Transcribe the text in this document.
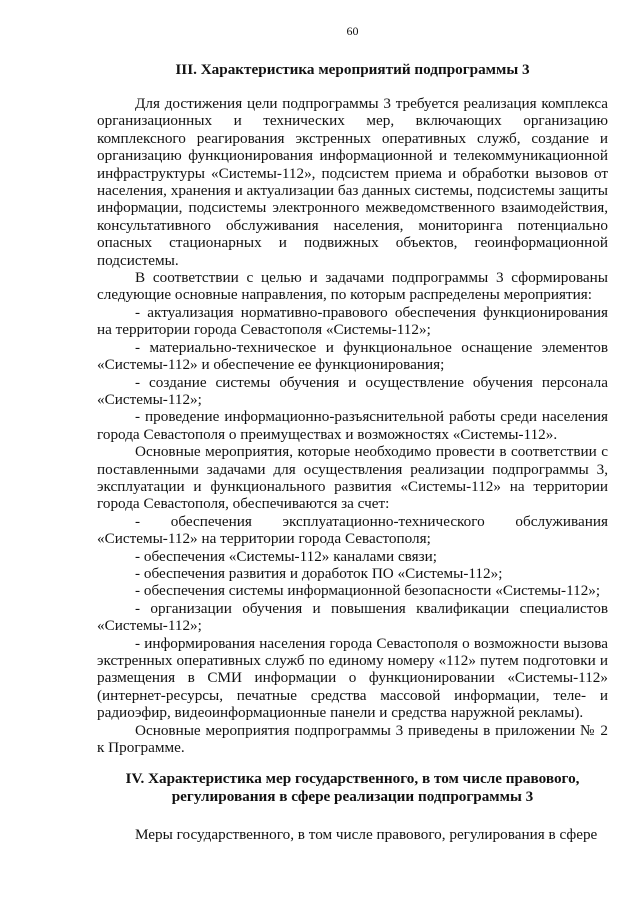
60
III. Характеристика мероприятий подпрограммы 3

Для достижения цели подпрограммы 3 требуется реализация комплекса организационных и технических мер, включающих организацию комплексного реагирования экстренных оперативных служб, создание и организацию функционирования информационной и телекоммуникационной инфраструктуры «Системы-112», подсистем приема и обработки вызовов от населения, хранения и актуализации баз данных системы, подсистемы защиты информации, подсистемы электронного межведомственного взаимодействия, консультативного обслуживания населения, мониторинга потенциально опасных стационарных и подвижных объектов, геоинформационной подсистемы.

В соответствии с целью и задачами подпрограммы 3 сформированы следующие основные направления, по которым распределены мероприятия:

- актуализация нормативно-правового обеспечения функционирования на территории города Севастополя «Системы-112»;

- материально-техническое и функциональное оснащение элементов «Системы-112» и обеспечение ее функционирования;

- создание системы обучения и осуществление обучения персонала «Системы-112»;

- проведение информационно-разъяснительной работы среди населения города Севастополя о преимуществах и возможностях «Системы-112».

Основные мероприятия, которые необходимо провести в соответствии с поставленными задачами для осуществления реализации подпрограммы 3, эксплуатации и функционального развития «Системы-112» на территории города Севастополя, обеспечиваются за счет:

- обеспечения эксплуатационно-технического обслуживания «Системы-112» на территории города Севастополя;

- обеспечения «Системы-112» каналами связи;

- обеспечения развития и доработок ПО «Системы-112»;

- обеспечения системы информационной безопасности «Системы-112»;

- организации обучения и повышения квалификации специалистов «Системы-112»;

- информирования населения города Севастополя о возможности вызова экстренных оперативных служб по единому номеру «112» путем подготовки и размещения в СМИ информации о функционировании «Системы-112» (интернет-ресурсы, печатные средства массовой информации, теле- и радиоэфир, видеоинформационные панели и средства наружной рекламы).

Основные мероприятия подпрограммы 3 приведены в приложении № 2 к Программе.

IV. Характеристика мер государственного, в том числе правового,
регулирования в сфере реализации подпрограммы 3

Меры государственного, в том числе правового, регулирования в сфере
